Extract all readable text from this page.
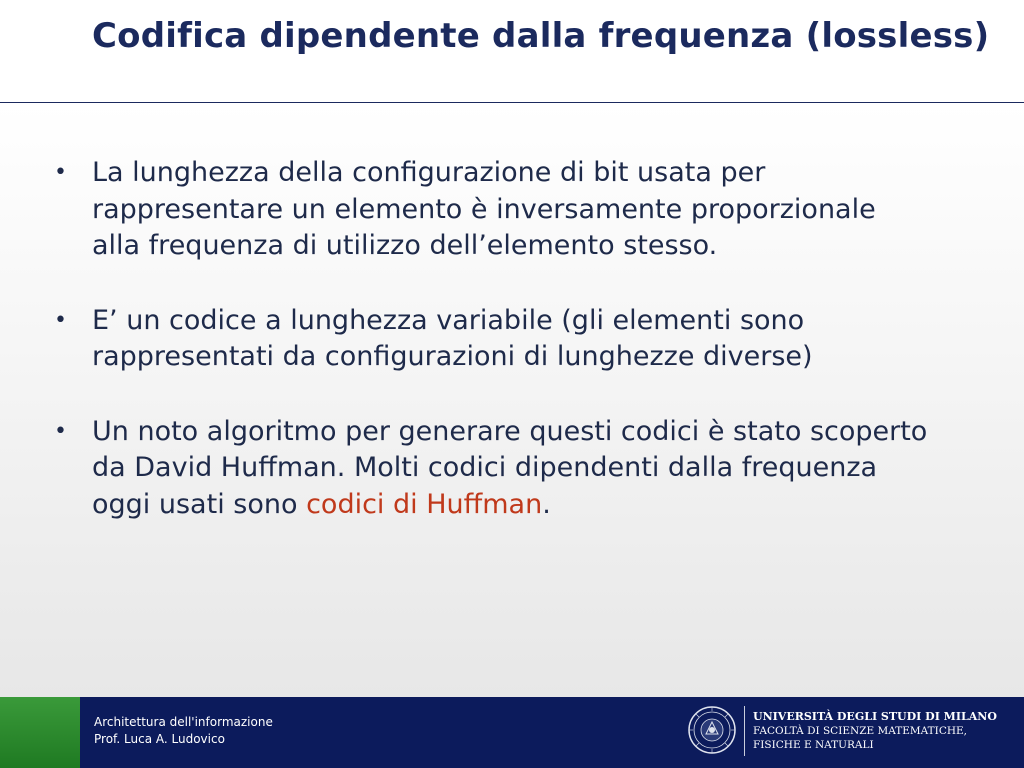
Codifica dipendente dalla frequenza (lossless)
• La lunghezza della configurazione di bit usata per rappresentare un elemento è inversamente proporzionale alla frequenza di utilizzo dell’elemento stesso.
• E’ un codice a lunghezza variabile (gli elementi sono rappresentati da configurazioni di lunghezze diverse)
• Un noto algoritmo per generare questi codici è stato scoperto da David Huffman. Molti codici dipendenti dalla frequenza oggi usati sono codici di Huffman.
Architettura dell'informazione
Prof. Luca A. Ludovico
UNIVERSITÀ DEGLI STUDI DI MILANO
FACOLTÀ DI SCIENZE MATEMATICHE,
FISICHE E NATURALI
